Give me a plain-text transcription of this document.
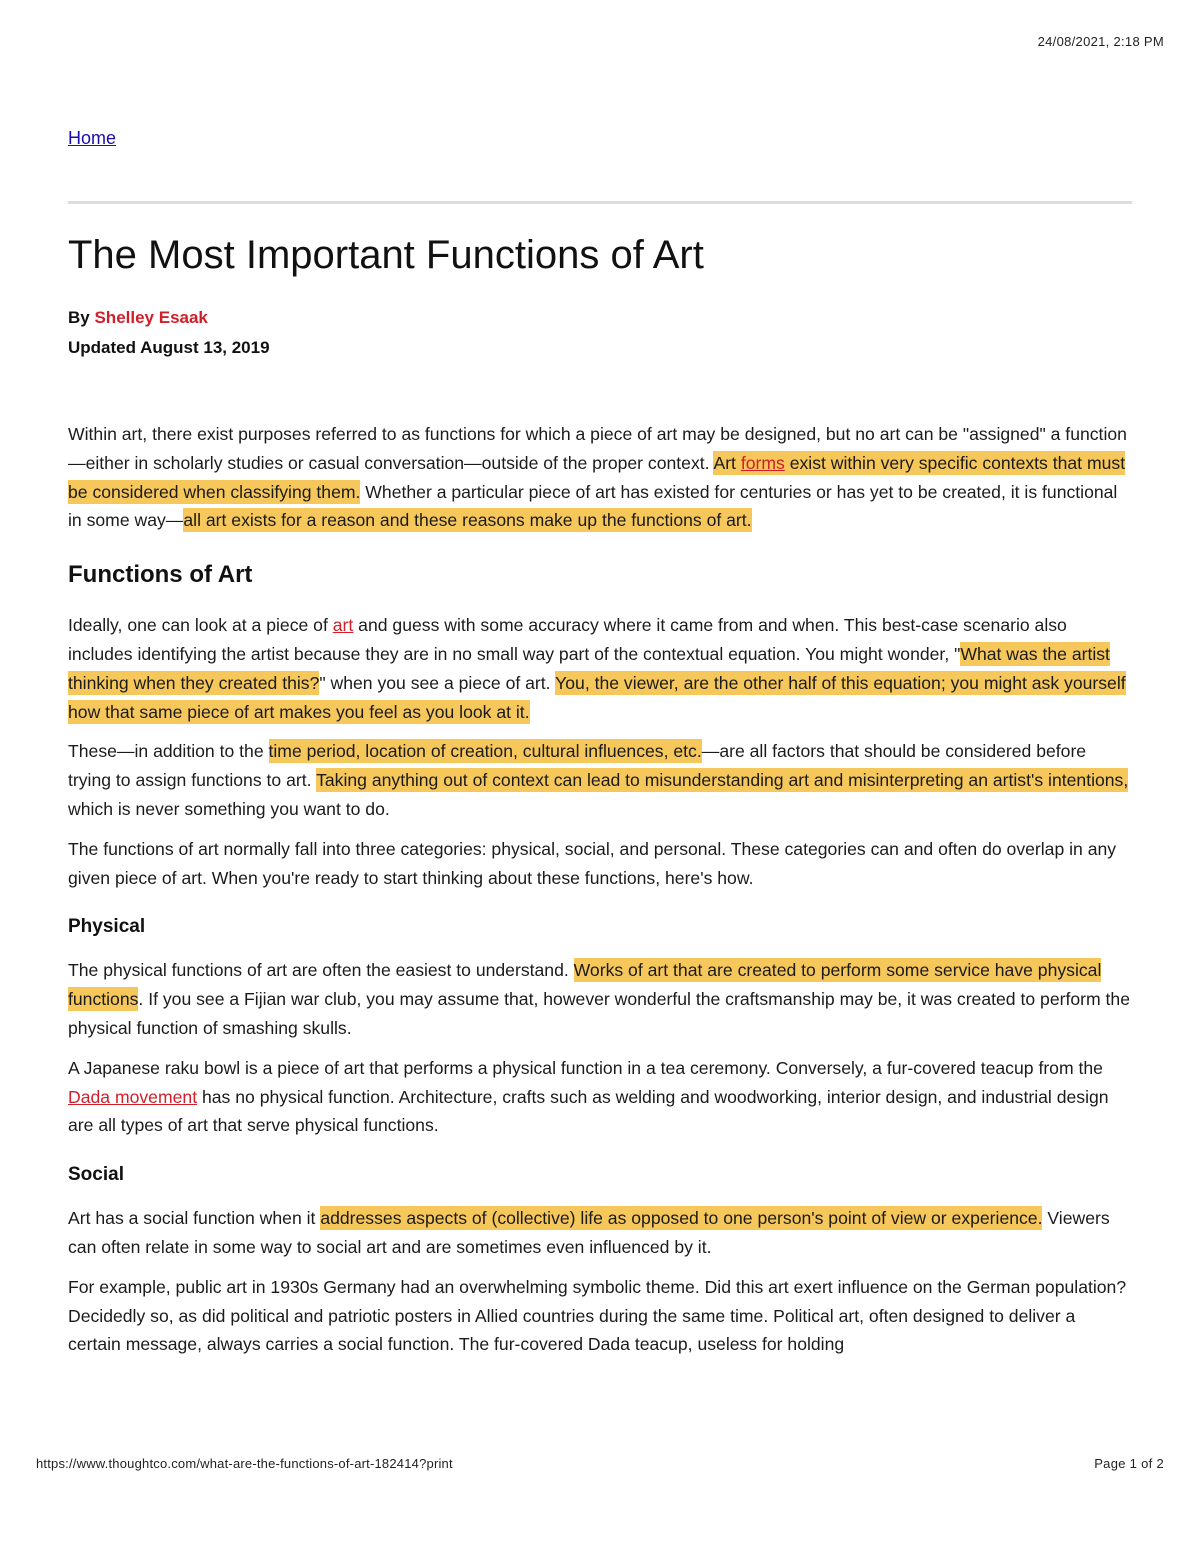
24/08/2021, 2:18 PM
Home
The Most Important Functions of Art
By Shelley Esaak
Updated August 13, 2019

Within art, there exist purposes referred to as functions for which a piece of art may be designed, but no art can be "assigned" a function—either in scholarly studies or casual conversation—outside of the proper context. Art forms exist within very specific contexts that must be considered when classifying them. Whether a particular piece of art has existed for centuries or has yet to be created, it is functional in some way—all art exists for a reason and these reasons make up the functions of art.

Functions of Art

Ideally, one can look at a piece of art and guess with some accuracy where it came from and when. This best-case scenario also includes identifying the artist because they are in no small way part of the contextual equation. You might wonder, "What was the artist thinking when they created this?" when you see a piece of art. You, the viewer, are the other half of this equation; you might ask yourself how that same piece of art makes you feel as you look at it.

These—in addition to the time period, location of creation, cultural influences, etc.—are all factors that should be considered before trying to assign functions to art. Taking anything out of context can lead to misunderstanding art and misinterpreting an artist's intentions, which is never something you want to do.

The functions of art normally fall into three categories: physical, social, and personal. These categories can and often do overlap in any given piece of art. When you're ready to start thinking about these functions, here's how.

Physical

The physical functions of art are often the easiest to understand. Works of art that are created to perform some service have physical functions. If you see a Fijian war club, you may assume that, however wonderful the craftsmanship may be, it was created to perform the physical function of smashing skulls.

A Japanese raku bowl is a piece of art that performs a physical function in a tea ceremony. Conversely, a fur-covered teacup from the Dada movement has no physical function. Architecture, crafts such as welding and woodworking, interior design, and industrial design are all types of art that serve physical functions.

Social

Art has a social function when it addresses aspects of (collective) life as opposed to one person's point of view or experience. Viewers can often relate in some way to social art and are sometimes even influenced by it.

For example, public art in 1930s Germany had an overwhelming symbolic theme. Did this art exert influence on the German population? Decidedly so, as did political and patriotic posters in Allied countries during the same time. Political art, often designed to deliver a certain message, always carries a social function. The fur-covered Dada teacup, useless for holding

https://www.thoughtco.com/what-are-the-functions-of-art-182414?print	Page 1 of 2
